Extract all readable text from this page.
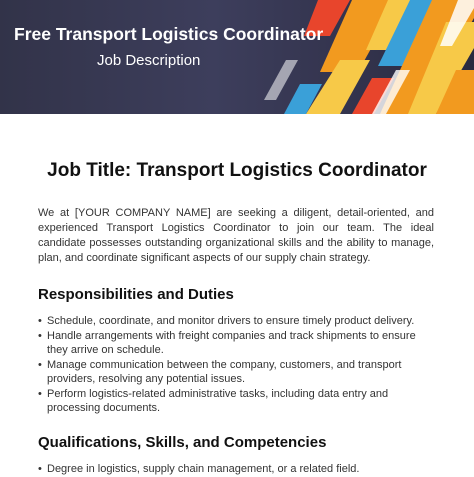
Free Transport Logistics Coordinator

Job Description

Job Title: Transport Logistics Coordinator

We at [YOUR COMPANY NAME] are seeking a diligent, detail-oriented, and experienced Transport Logistics Coordinator to join our team. The ideal candidate possesses outstanding organizational skills and the ability to manage, plan, and coordinate significant aspects of our supply chain strategy.

Responsibilities and Duties
• Schedule, coordinate, and monitor drivers to ensure timely product delivery.
• Handle arrangements with freight companies and track shipments to ensure they arrive on schedule.
• Manage communication between the company, customers, and transport providers, resolving any potential issues.
• Perform logistics-related administrative tasks, including data entry and processing documents.
Qualifications, Skills, and Competencies
• Degree in logistics, supply chain management, or a related field.
